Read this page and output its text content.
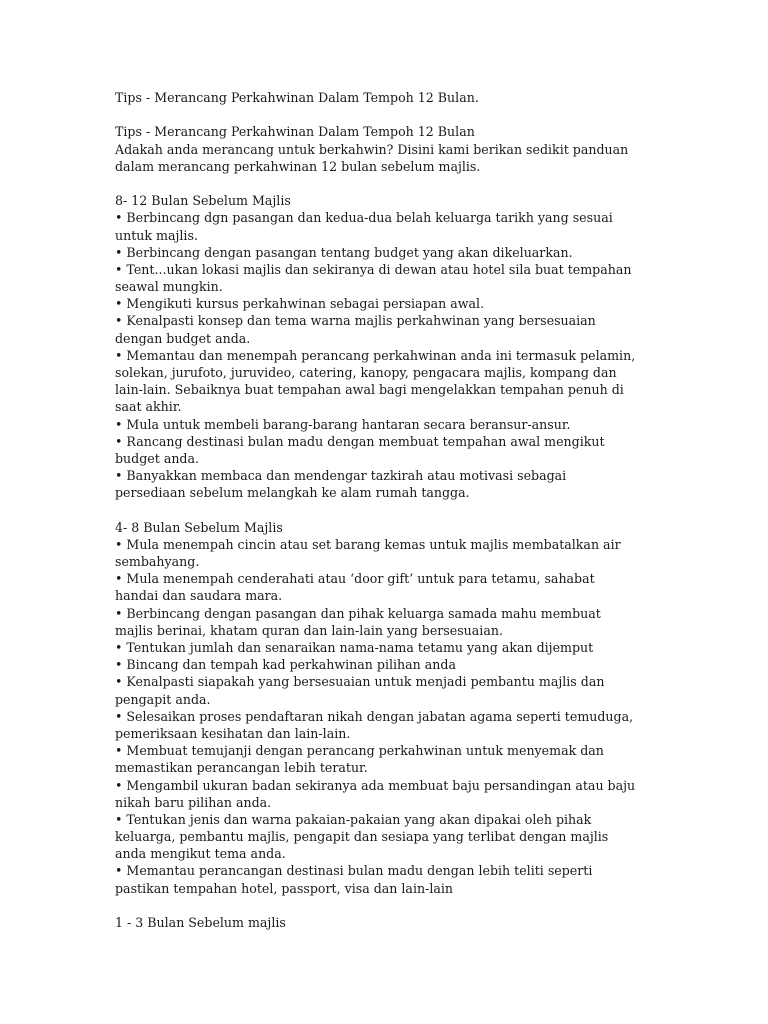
Tips - Merancang Perkahwinan Dalam Tempoh 12 Bulan.
Tips - Merancang Perkahwinan Dalam Tempoh 12 Bulan
Adakah anda merancang untuk berkahwin? Disini kami berikan sedikit panduan
dalam merancang perkahwinan 12 bulan sebelum majlis.
8- 12 Bulan Sebelum Majlis
• Berbincang dgn pasangan dan kedua-dua belah keluarga tarikh yang sesuai
untuk majlis.
• Berbincang dengan pasangan tentang budget yang akan dikeluarkan.
• Tent...ukan lokasi majlis dan sekiranya di dewan atau hotel sila buat tempahan
seawal mungkin.
• Mengikuti kursus perkahwinan sebagai persiapan awal.
• Kenalpasti konsep dan tema warna majlis perkahwinan yang bersesuaian
dengan budget anda.
• Memantau dan menempah perancang perkahwinan anda ini termasuk pelamin,
solekan, jurufoto, juruvideo, catering, kanopy, pengacara majlis, kompang dan
lain-lain. Sebaiknya buat tempahan awal bagi mengelakkan tempahan penuh di
saat akhir.
• Mula untuk membeli barang-barang hantaran secara beransur-ansur.
• Rancang destinasi bulan madu dengan membuat tempahan awal mengikut
budget anda.
• Banyakkan membaca dan mendengar tazkirah atau motivasi sebagai
persediaan sebelum melangkah ke alam rumah tangga.
4- 8 Bulan Sebelum Majlis
• Mula menempah cincin atau set barang kemas untuk majlis membatalkan air
sembahyang.
• Mula menempah cenderahati atau ‘door gift’ untuk para tetamu, sahabat
handai dan saudara mara.
• Berbincang dengan pasangan dan pihak keluarga samada mahu membuat
majlis berinai, khatam quran dan lain-lain yang bersesuaian.
• Tentukan jumlah dan senaraikan nama-nama tetamu yang akan dijemput
• Bincang dan tempah kad perkahwinan pilihan anda
• Kenalpasti siapakah yang bersesuaian untuk menjadi pembantu majlis dan
pengapit anda.
• Selesaikan proses pendaftaran nikah dengan jabatan agama seperti temuduga,
pemeriksaan kesihatan dan lain-lain.
• Membuat temujanji dengan perancang perkahwinan untuk menyemak dan
memastikan perancangan lebih teratur.
• Mengambil ukuran badan sekiranya ada membuat baju persandingan atau baju
nikah baru pilihan anda.
• Tentukan jenis dan warna pakaian-pakaian yang akan dipakai oleh pihak
keluarga, pembantu majlis, pengapit dan sesiapa yang terlibat dengan majlis
anda mengikut tema anda.
• Memantau perancangan destinasi bulan madu dengan lebih teliti seperti
pastikan tempahan hotel, passport, visa dan lain-lain
1 - 3 Bulan Sebelum majlis
